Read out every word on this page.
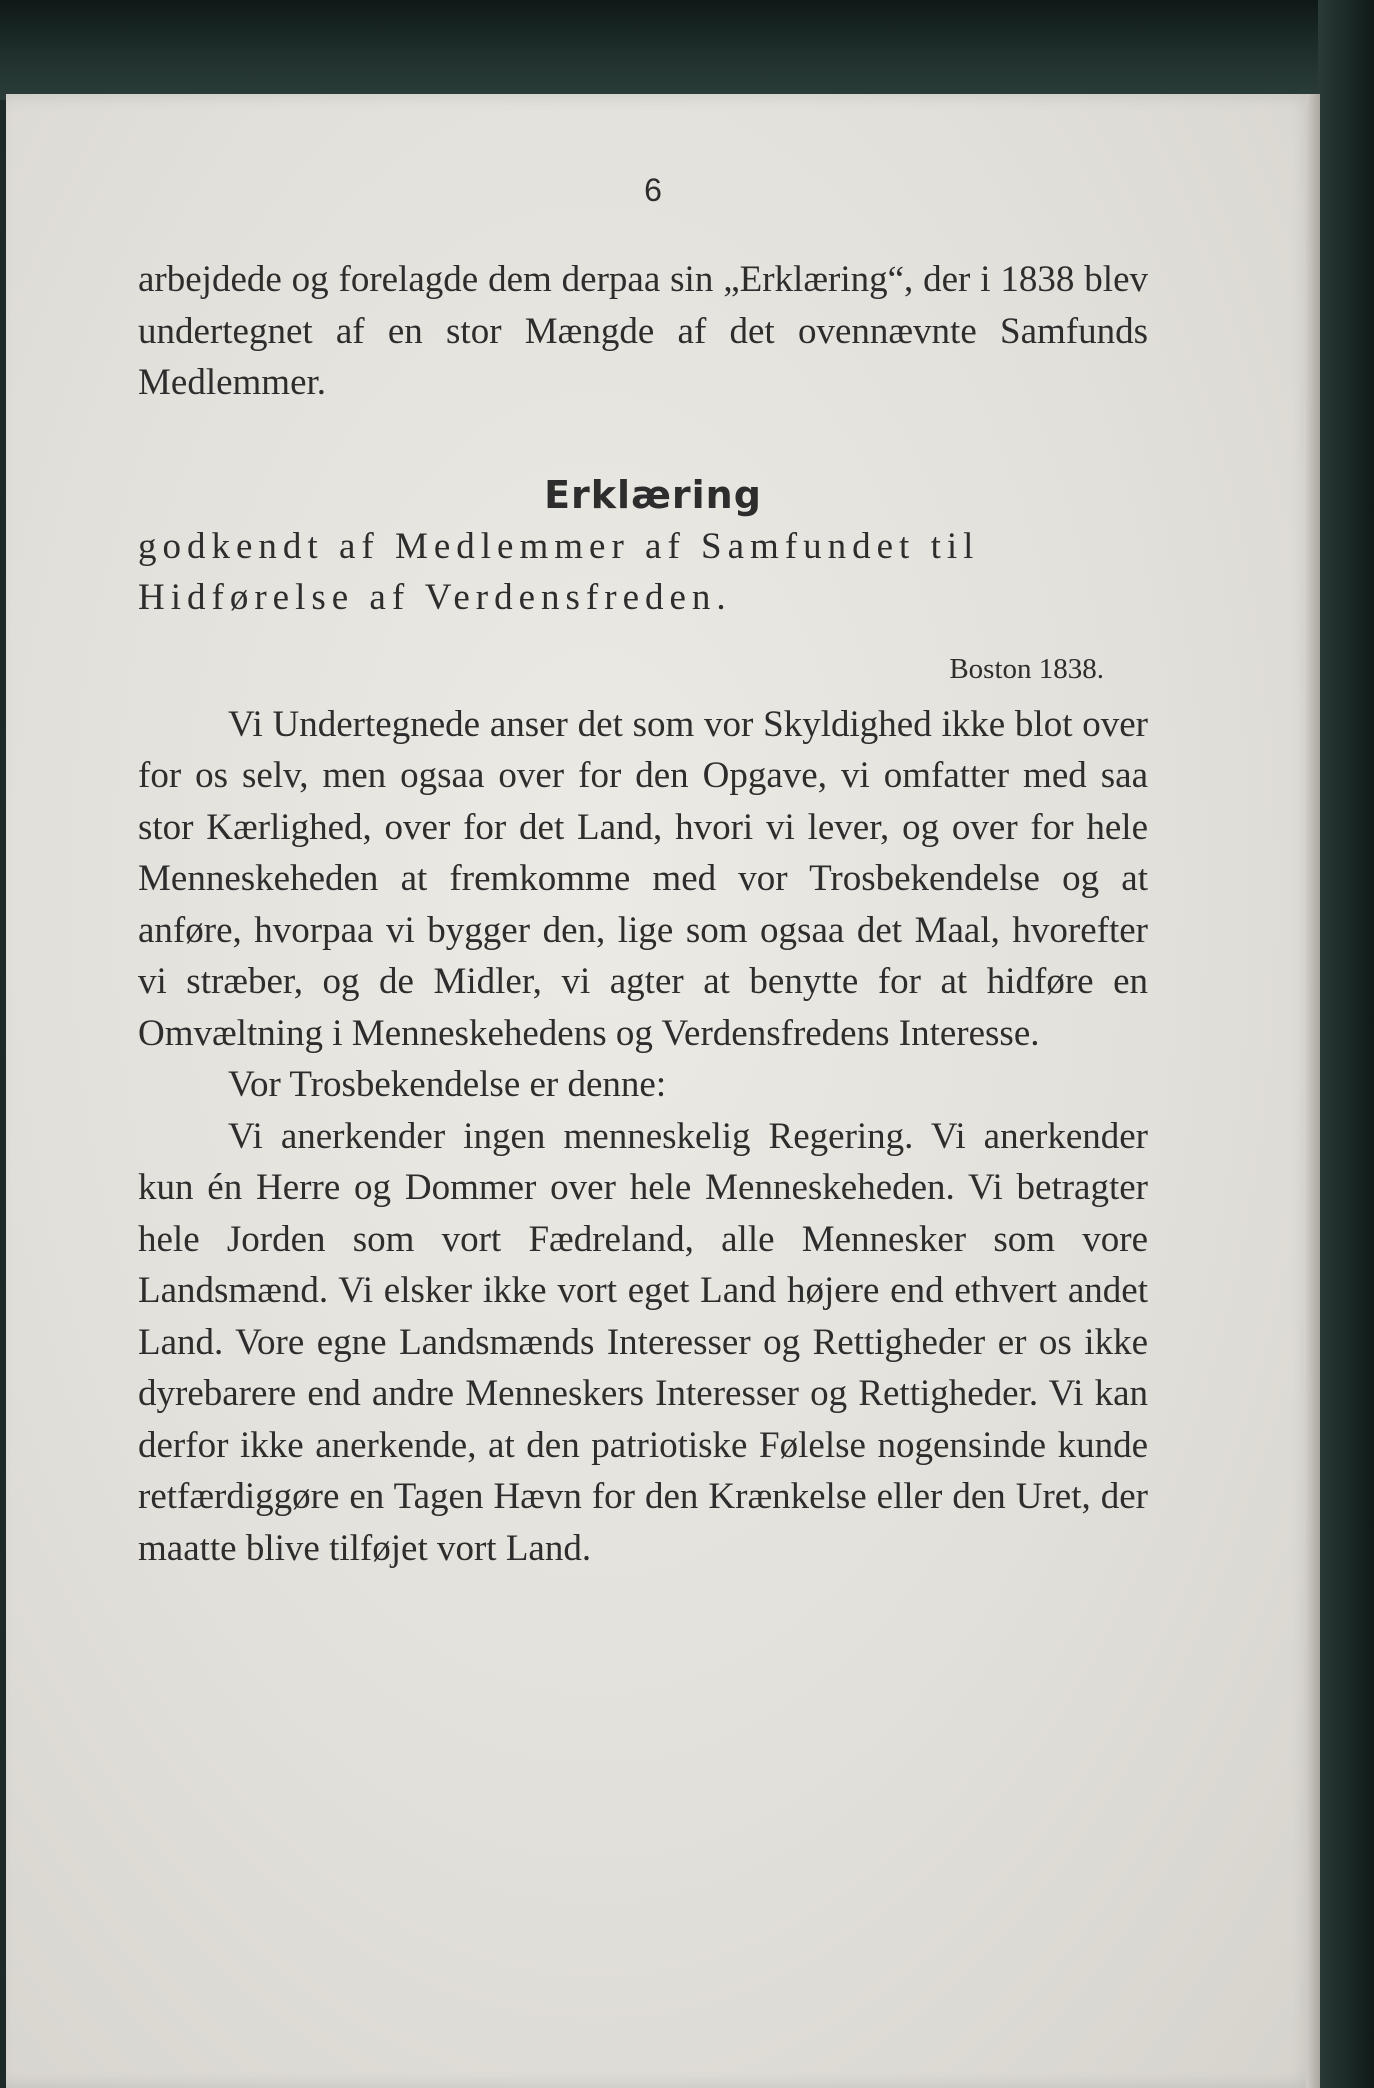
6

arbejdede og forelagde dem derpaa sin „Erklæring“, der i 1838 blev undertegnet af en stor Mængde af det ovennævnte Samfunds Medlemmer.

Erklæring

godkendt af Medlemmer af Samfundet til

Hidførelse af Verdensfreden.

Boston 1838.

Vi Undertegnede anser det som vor Skyldighed ikke blot over for os selv, men ogsaa over for den Opgave, vi omfatter med saa stor Kærlighed, over for det Land, hvori vi lever, og over for hele Menneskeheden at fremkomme med vor Trosbekendelse og at anføre, hvorpaa vi bygger den, lige som ogsaa det Maal, hvorefter vi stræber, og de Midler, vi agter at benytte for at hidføre en Omvæltning i Menneskehedens og Verdensfredens Interesse.

Vor Trosbekendelse er denne:

Vi anerkender ingen menneskelig Regering. Vi anerkender kun én Herre og Dommer over hele Menneskeheden. Vi betragter hele Jorden som vort Fædreland, alle Mennesker som vore Landsmænd. Vi elsker ikke vort eget Land højere end ethvert andet Land. Vore egne Landsmænds Interesser og Rettigheder er os ikke dyrebarere end andre Menneskers Interesser og Rettigheder. Vi kan derfor ikke anerkende, at den patriotiske Følelse nogensinde kunde retfærdiggøre en Tagen Hævn for den Krænkelse eller den Uret, der maatte blive tilføjet vort Land.
